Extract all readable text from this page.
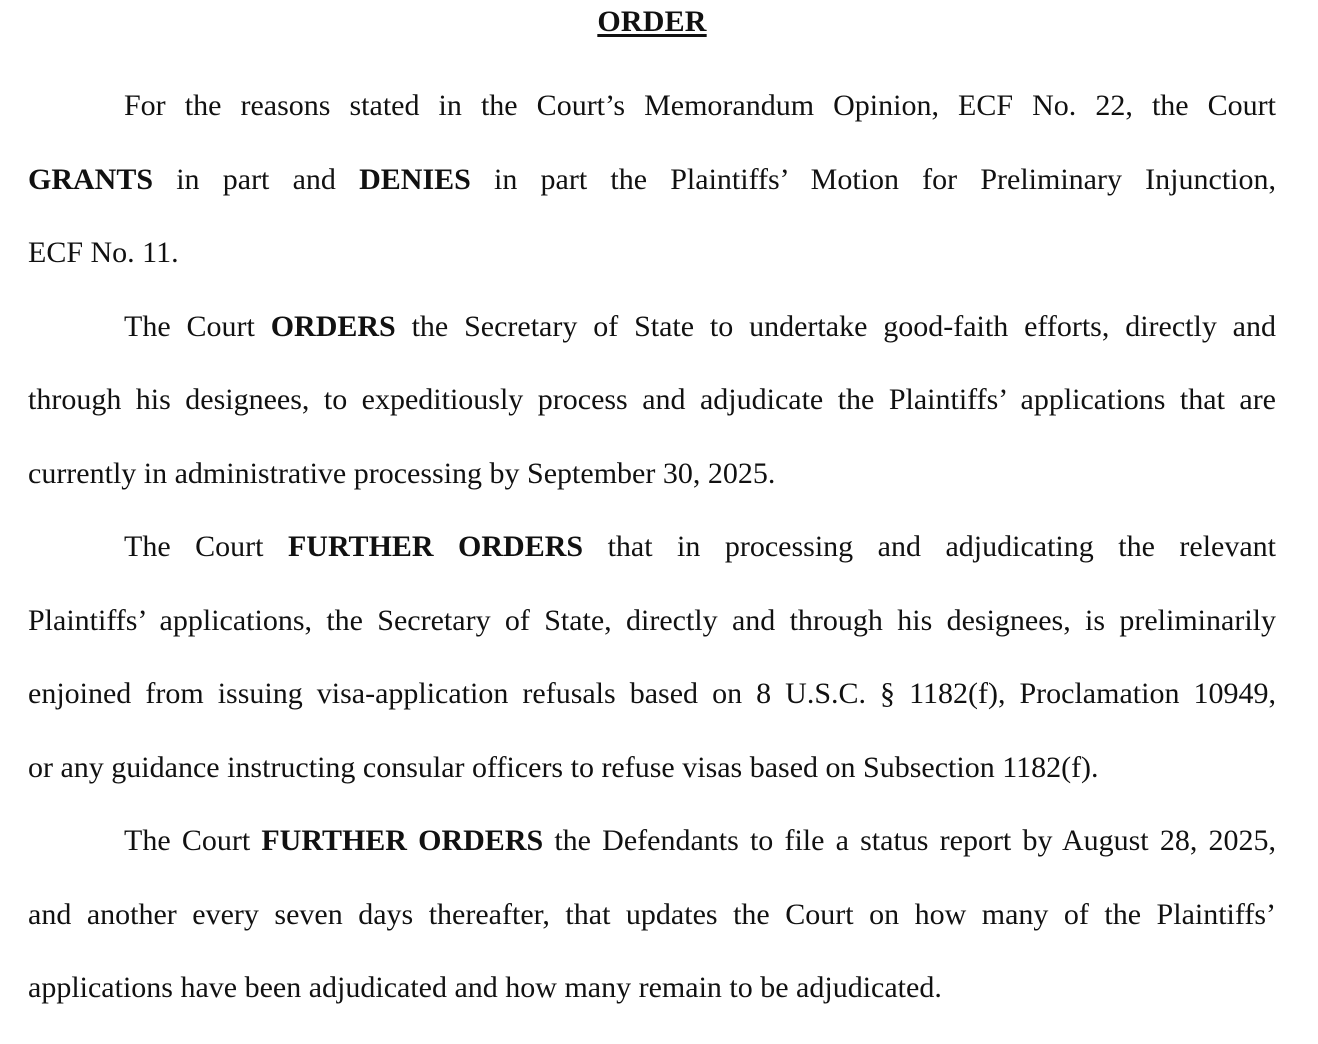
ORDER
For the reasons stated in the Court’s Memorandum Opinion, ECF No. 22, the Court
GRANTS in part and DENIES in part the Plaintiffs’ Motion for Preliminary Injunction,
ECF No. 11.
The Court ORDERS the Secretary of State to undertake good-faith efforts, directly and
through his designees, to expeditiously process and adjudicate the Plaintiffs’ applications that are
currently in administrative processing by September 30, 2025.
The Court FURTHER ORDERS that in processing and adjudicating the relevant
Plaintiffs’ applications, the Secretary of State, directly and through his designees, is preliminarily
enjoined from issuing visa-application refusals based on 8 U.S.C. § 1182(f), Proclamation 10949,
or any guidance instructing consular officers to refuse visas based on Subsection 1182(f).
The Court FURTHER ORDERS the Defendants to file a status report by August 28, 2025,
and another every seven days thereafter, that updates the Court on how many of the Plaintiffs’
applications have been adjudicated and how many remain to be adjudicated.
